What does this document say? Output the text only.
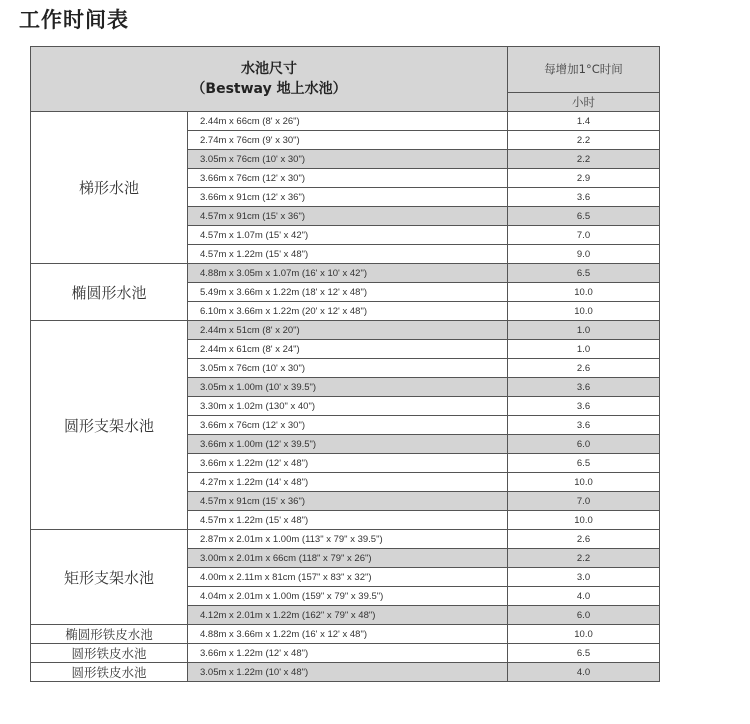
工作时间表
水池尺寸
（Bestway 地上水池）		每增加1°C时间
		小时
梯形水池	2.44m x 66cm (8' x 26")	1.4
	2.74m x 76cm (9' x 30")	2.2
	3.05m x 76cm (10' x 30")	2.2
	3.66m x 76cm (12' x 30")	2.9
	3.66m x 91cm (12' x 36")	3.6
	4.57m x 91cm (15' x 36")	6.5
	4.57m x 1.07m (15' x 42")	7.0
	4.57m x 1.22m (15' x 48")	9.0
椭圆形水池	4.88m x 3.05m x 1.07m (16' x 10' x 42")	6.5
	5.49m x 3.66m x 1.22m (18' x 12' x 48")	10.0
	6.10m x 3.66m x 1.22m (20' x 12' x 48")	10.0
圆形支架水池	2.44m x 51cm (8' x 20")	1.0
	2.44m x 61cm (8' x 24")	1.0
	3.05m x 76cm (10' x 30")	2.6
	3.05m x 1.00m (10' x 39.5")	3.6
	3.30m x 1.02m (130" x 40")	3.6
	3.66m x 76cm (12' x 30")	3.6
	3.66m x 1.00m (12' x 39.5")	6.0
	3.66m x 1.22m (12' x 48")	6.5
	4.27m x 1.22m (14' x 48")	10.0
	4.57m x 91cm (15' x 36")	7.0
	4.57m x 1.22m (15' x 48")	10.0
矩形支架水池	2.87m x 2.01m x 1.00m (113" x 79" x 39.5")	2.6
	3.00m x 2.01m x 66cm (118" x 79" x 26")	2.2
	4.00m x 2.11m x 81cm (157" x 83" x 32")	3.0
	4.04m x 2.01m x 1.00m (159" x 79" x 39.5")	4.0
	4.12m x 2.01m x 1.22m (162" x 79" x 48")	6.0
椭圆形铁皮水池	4.88m x 3.66m x 1.22m (16' x 12' x 48")	10.0
圆形铁皮水池	3.66m x 1.22m (12' x 48")	6.5
圆形铁皮水池	3.05m x 1.22m (10' x 48")	4.0
